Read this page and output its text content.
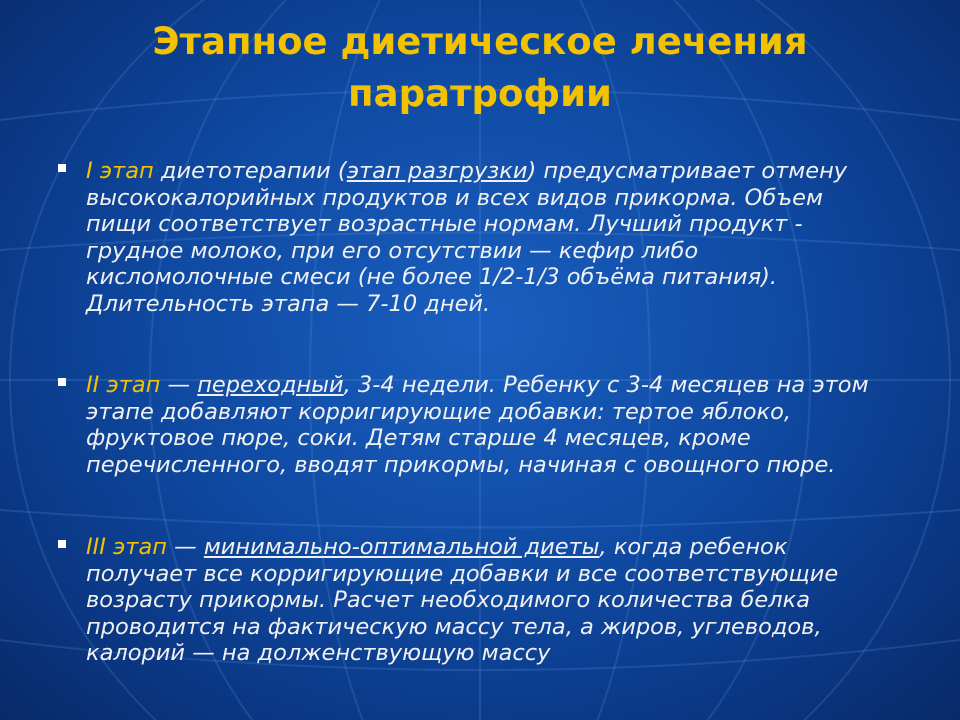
Этапное диетическое лечения
паратрофии
I этап диетотерапии (этап разгрузки) предусматривает отмену высококалорийных продуктов и всех видов прикорма. Объем пищи соответствует возрастные нормам. Лучший продукт - грудное молоко, при его отсутствии — кефир либо кисломолочные смеси (не более 1/2-1/3 объёма питания). Длительность этапа — 7-10 дней.
II этап — переходный, 3-4 недели. Ребенку с 3-4 месяцев на этом этапе добавляют корригирующие добавки: тертое яблоко, фруктовое пюре, соки. Детям старше 4 месяцев, кроме перечисленного, вводят прикормы, начиная с овощного пюре.
III этап — минимально-оптимальной диеты, когда ребенок получает все корригирующие добавки и все соответствующие возрасту прикормы. Расчет необходимого количества белка проводится на фактическую массу тела, а жиров, углеводов, калорий — на долженствующую массу
